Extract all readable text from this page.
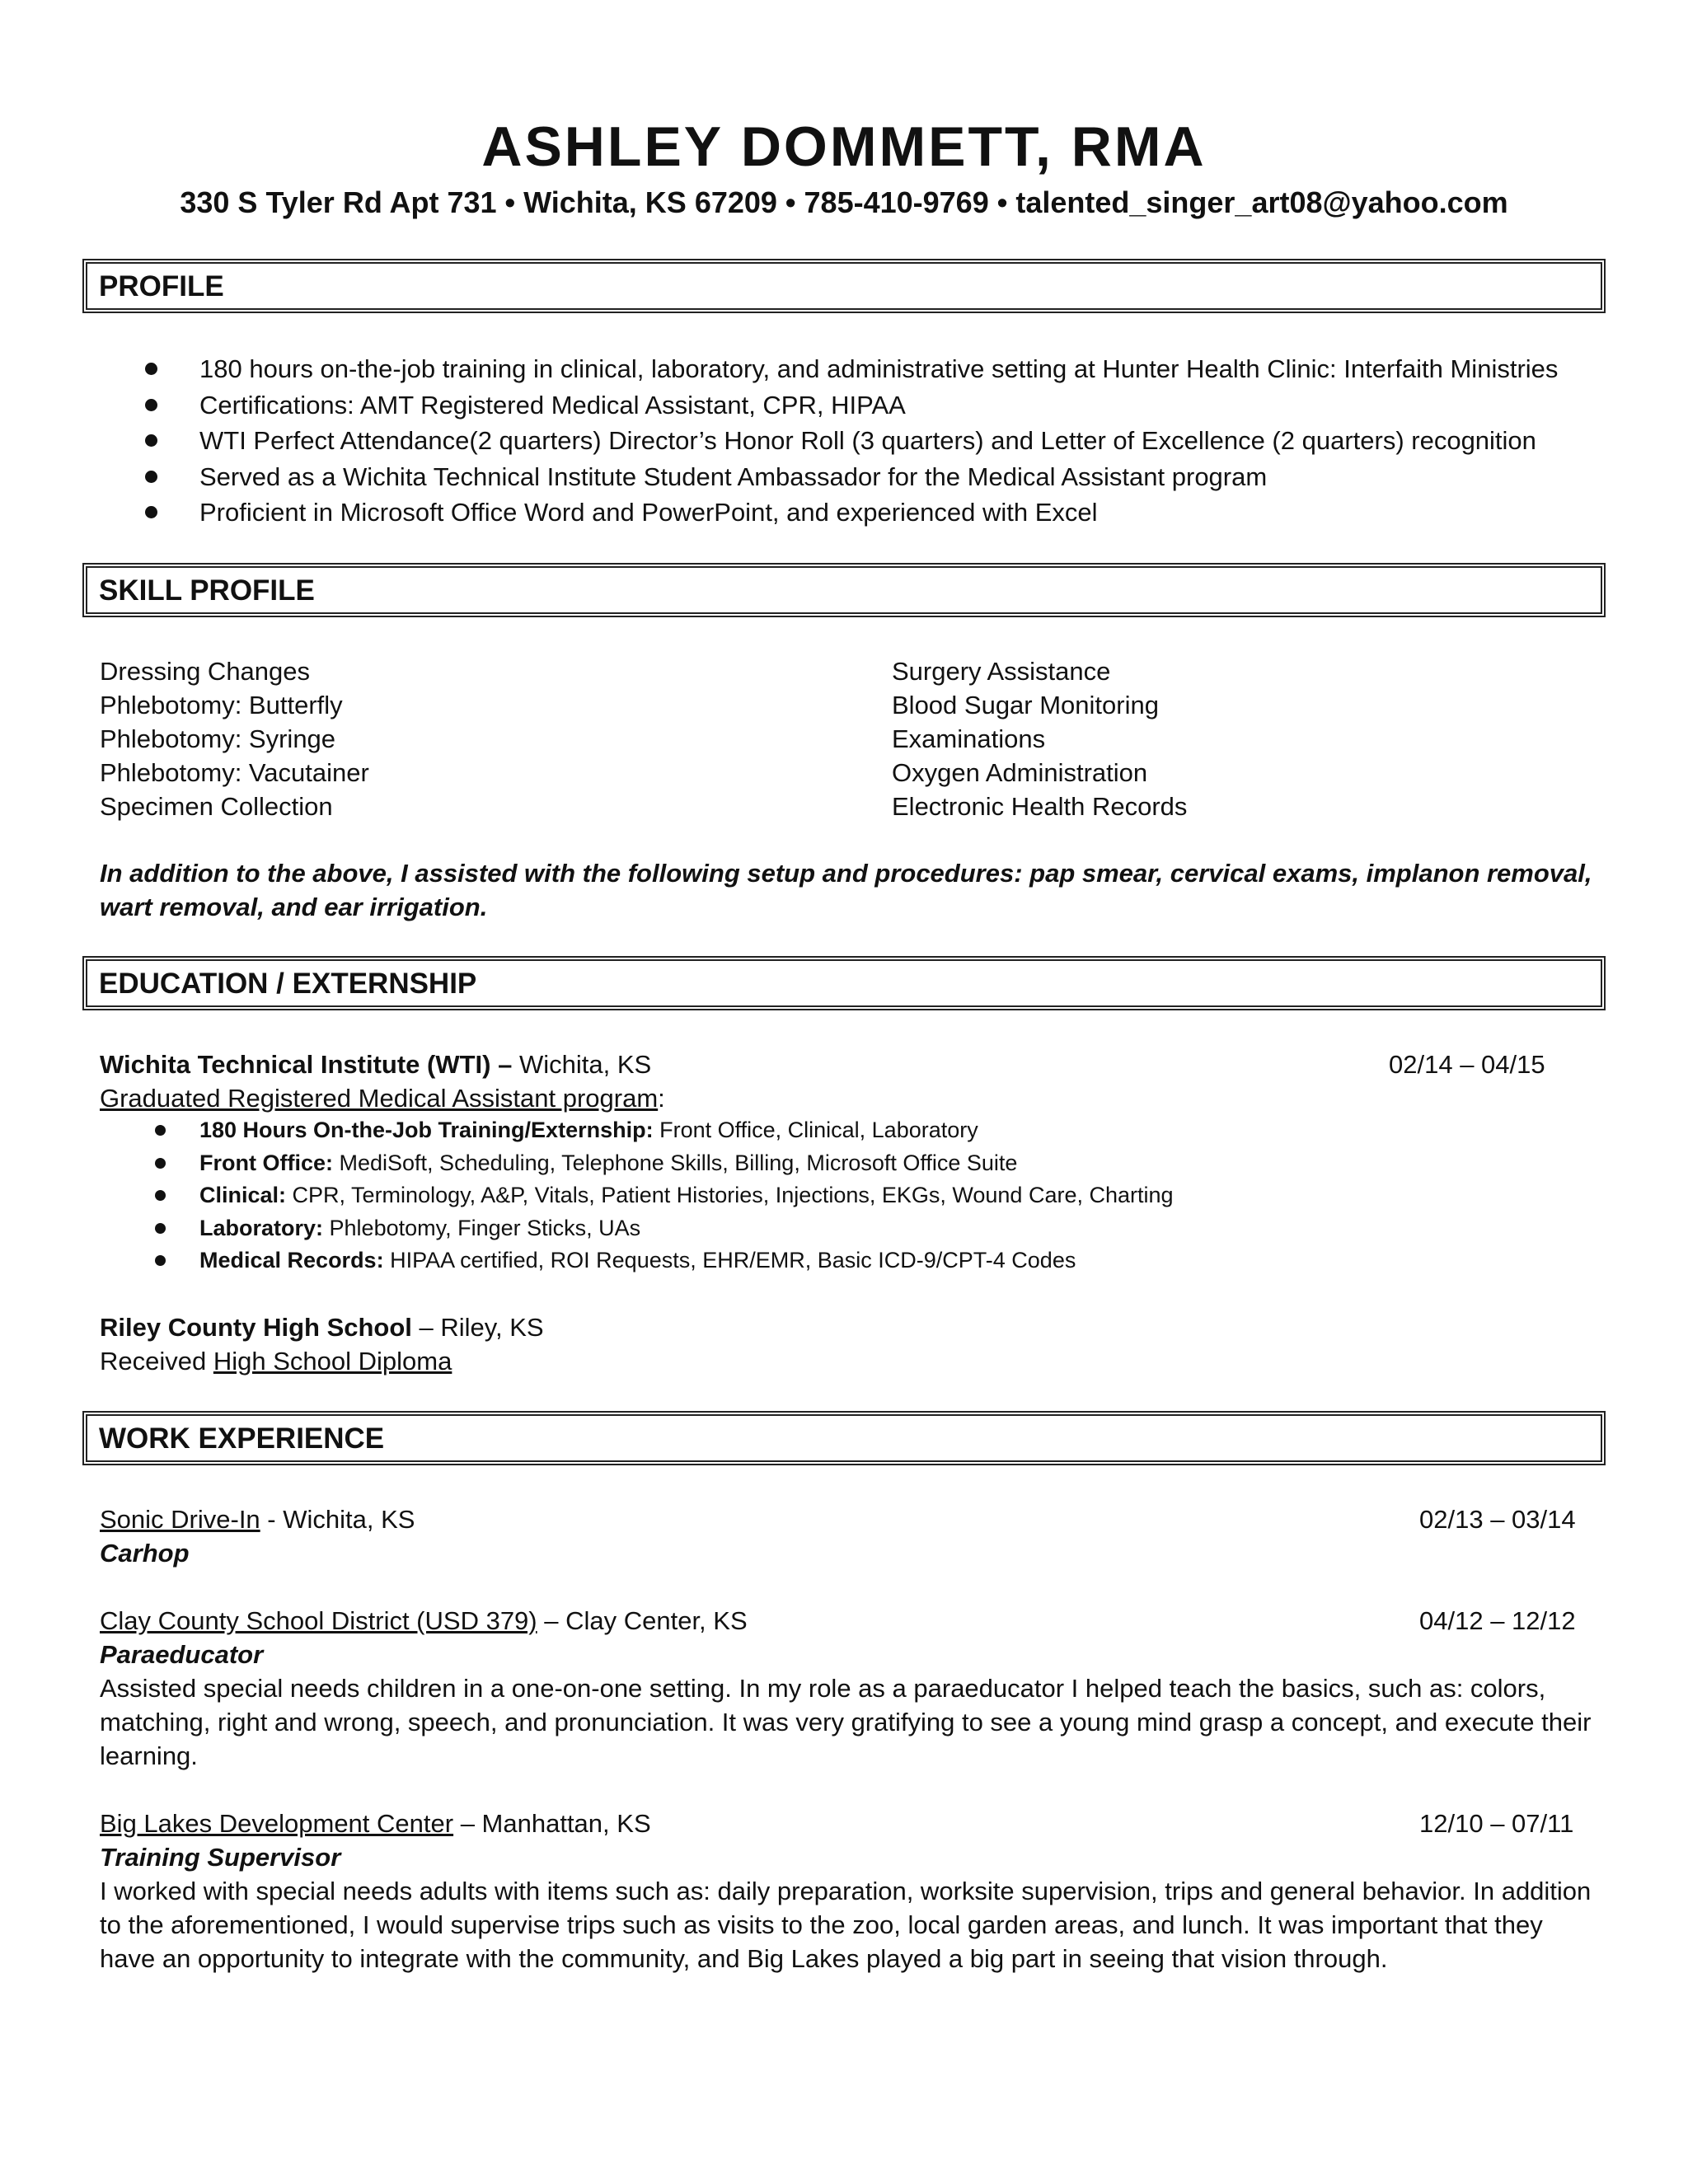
ASHLEY DOMMETT, RMA
330 S Tyler Rd Apt 731 • Wichita, KS 67209 • 785-410-9769 • talented_singer_art08@yahoo.com
PROFILE
180 hours on-the-job training in clinical, laboratory, and administrative setting at Hunter Health Clinic: Interfaith Ministries
Certifications: AMT Registered Medical Assistant, CPR, HIPAA
WTI Perfect Attendance(2 quarters) Director’s Honor Roll (3 quarters) and Letter of Excellence (2 quarters) recognition
Served as a Wichita Technical Institute Student Ambassador for the Medical Assistant program
Proficient in Microsoft Office Word and PowerPoint, and experienced with Excel
SKILL PROFILE
Dressing Changes
Phlebotomy: Butterfly
Phlebotomy: Syringe
Phlebotomy: Vacutainer
Specimen Collection
Surgery Assistance
Blood Sugar Monitoring
Examinations
Oxygen Administration
Electronic Health Records
In addition to the above, I assisted with the following setup and procedures: pap smear, cervical exams, implanon removal, wart removal, and ear irrigation.
EDUCATION / EXTERNSHIP
Wichita Technical Institute (WTI) – Wichita, KS	02/14 – 04/15
Graduated Registered Medical Assistant program:
180 Hours On-the-Job Training/Externship: Front Office, Clinical, Laboratory
Front Office: MediSoft, Scheduling, Telephone Skills, Billing, Microsoft Office Suite
Clinical: CPR, Terminology, A&P, Vitals, Patient Histories, Injections, EKGs, Wound Care, Charting
Laboratory: Phlebotomy, Finger Sticks, UAs
Medical Records: HIPAA certified, ROI Requests, EHR/EMR, Basic ICD-9/CPT-4 Codes
Riley County High School – Riley, KS
Received High School Diploma
WORK EXPERIENCE
Sonic Drive-In - Wichita, KS	02/13 – 03/14
Carhop
Clay County School District (USD 379) – Clay Center, KS	04/12 – 12/12
Paraeducator
Assisted special needs children in a one-on-one setting. In my role as a paraeducator I helped teach the basics, such as: colors, matching, right and wrong, speech, and pronunciation. It was very gratifying to see a young mind grasp a concept, and execute their learning.
Big Lakes Development Center – Manhattan, KS	12/10 – 07/11
Training Supervisor
I worked with special needs adults with items such as: daily preparation, worksite supervision, trips and general behavior. In addition to the aforementioned, I would supervise trips such as visits to the zoo, local garden areas, and lunch. It was important that they have an opportunity to integrate with the community, and Big Lakes played a big part in seeing that vision through.
